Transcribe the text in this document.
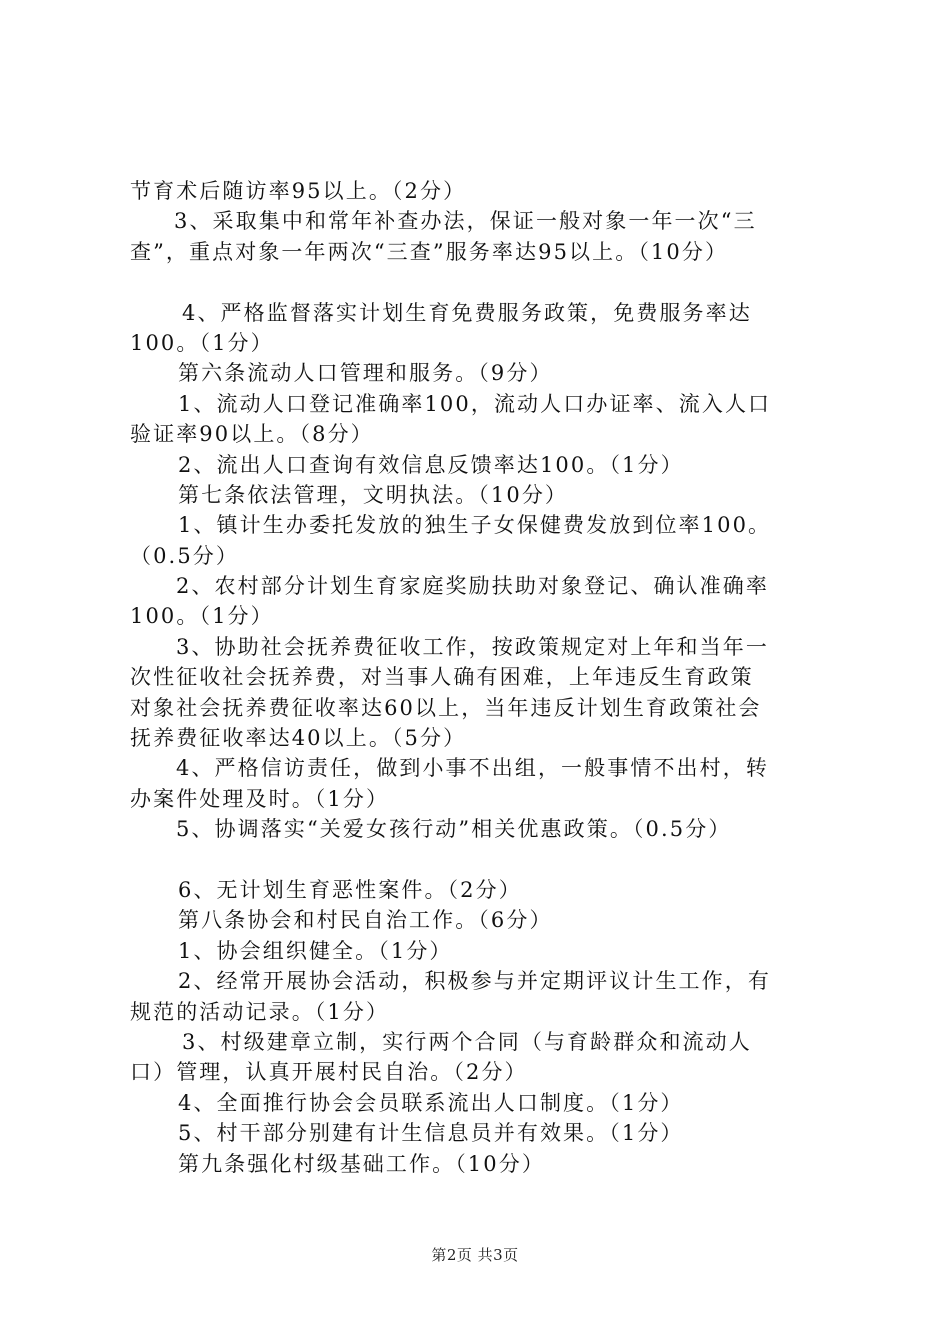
节育术后随访率95以上。（2分）
3、采取集中和常年补查办法，保证一般对象一年一次“三
查”，重点对象一年两次“三查”服务率达95以上。（10分）
4、严格监督落实计划生育免费服务政策，免费服务率达
100。（1分）
第六条流动人口管理和服务。（9分）
1、流动人口登记准确率100，流动人口办证率、流入人口
验证率90以上。（8分）
2、流出人口查询有效信息反馈率达100。（1分）
第七条依法管理，文明执法。（10分）
1、镇计生办委托发放的独生子女保健费发放到位率100。
（0.5分）
2、农村部分计划生育家庭奖励扶助对象登记、确认准确率
100。（1分）
3、协助社会抚养费征收工作，按政策规定对上年和当年一
次性征收社会抚养费，对当事人确有困难，上年违反生育政策
对象社会抚养费征收率达60以上，当年违反计划生育政策社会
抚养费征收率达40以上。（5分）
4、严格信访责任，做到小事不出组，一般事情不出村，转
办案件处理及时。（1分）
5、协调落实“关爱女孩行动”相关优惠政策。（0.5分）
6、无计划生育恶性案件。（2分）
第八条协会和村民自治工作。（6分）
1、协会组织健全。（1分）
2、经常开展协会活动，积极参与并定期评议计生工作，有
规范的活动记录。（1分）
3、村级建章立制，实行两个合同（与育龄群众和流动人
口）管理，认真开展村民自治。（2分）
4、全面推行协会会员联系流出人口制度。（1分）
5、村干部分别建有计生信息员并有效果。（1分）
第九条强化村级基础工作。（10分）
第2页 共3页
